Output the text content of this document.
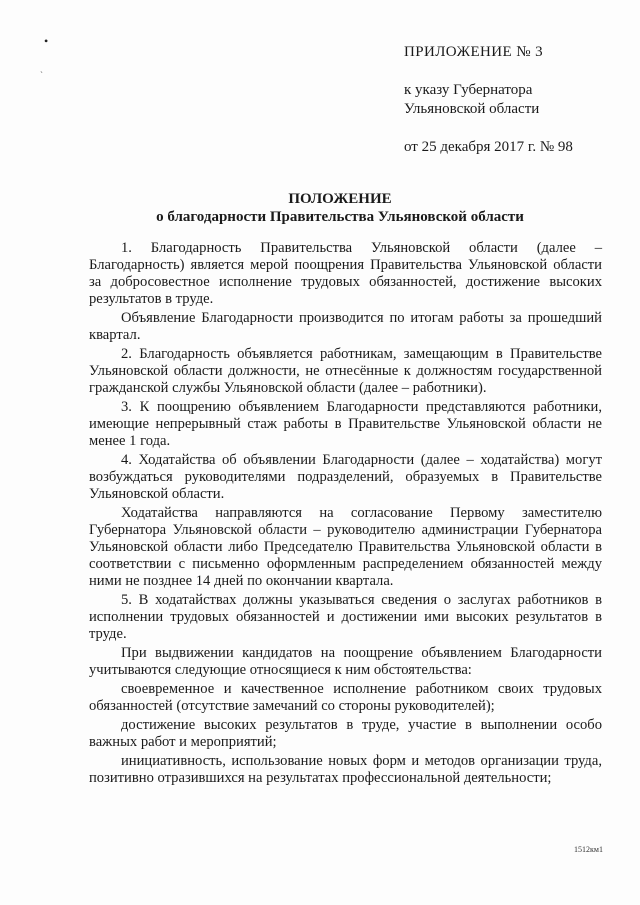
•
`
ПРИЛОЖЕНИЕ № 3
к указу Губернатора
Ульяновской области
от 25 декабря 2017 г. № 98
ПОЛОЖЕНИЕ
о благодарности Правительства Ульяновской области

1. Благодарность Правительства Ульяновской области (далее – Благодарность) является мерой поощрения Правительства Ульяновской области за добросовестное исполнение трудовых обязанностей, достижение высоких результатов в труде.

Объявление Благодарности производится по итогам работы за прошедший квартал.

2. Благодарность объявляется работникам, замещающим в Правительстве Ульяновской области должности, не отнесённые к должностям государственной гражданской службы Ульяновской области (далее – работники).

3. К поощрению объявлением Благодарности представляются работники, имеющие непрерывный стаж работы в Правительстве Ульяновской области не менее 1 года.

4. Ходатайства об объявлении Благодарности (далее – ходатайства) могут возбуждаться руководителями подразделений, образуемых в Правительстве Ульяновской области.

Ходатайства направляются на согласование Первому заместителю Губернатора Ульяновской области – руководителю администрации Губернатора Ульяновской области либо Председателю Правительства Ульяновской области в соответствии с письменно оформленным распределением обязанностей между ними не позднее 14 дней по окончании квартала.

5. В ходатайствах должны указываться сведения о заслугах работников в исполнении трудовых обязанностей и достижении ими высоких результатов в труде.

При выдвижении кандидатов на поощрение объявлением Благодарности учитываются следующие относящиеся к ним обстоятельства:

своевременное и качественное исполнение работником своих трудовых обязанностей (отсутствие замечаний со стороны руководителей);

достижение высоких результатов в труде, участие в выполнении особо важных работ и мероприятий;

инициативность, использование новых форм и методов организации труда, позитивно отразившихся на результатах профессиональной деятельности;

1512км1
